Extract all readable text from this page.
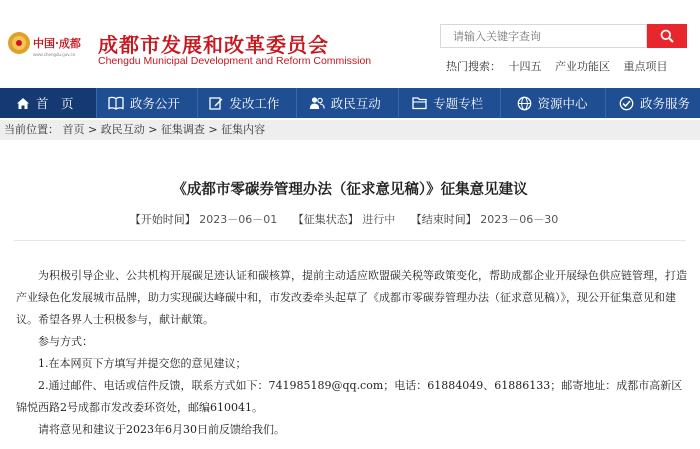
中国·成都
www.chengdu.gov.cn 成都市发展和改革委员会
Chengdu Municipal Development and Reform Commission
请输入关键字查询	热门搜索： 十四五 产业功能区 重点项目
首　页	政务公开	发改工作	政民互动	专题专栏	资源中心	政务服务
当前位置： 首页 > 政民互动 > 征集调查 > 征集内容
《成都市零碳券管理办法（征求意见稿）》征集意见建议
【开始时间】 2023－06－01 【征集状态】 进行中 【结束时间】 2023－06－30

为积极引导企业、公共机构开展碳足迹认证和碳核算，提前主动适应欧盟碳关税等政策变化，帮助成都企业开展绿色供应链管理，打造产业绿色化发展城市品牌，助力实现碳达峰碳中和，市发改委牵头起草了《成都市零碳券管理办法（征求意见稿）》，现公开征集意见和建议。希望各界人士积极参与，献计献策。

参与方式：

1.在本网页下方填写并提交您的意见建议；

2.通过邮件、电话或信件反馈，联系方式如下：741985189@qq.com；电话：61884049、61886133；邮寄地址：成都市高新区锦悦西路2号成都市发改委环资处，邮编610041。

请将意见和建议于2023年6月30日前反馈给我们。
